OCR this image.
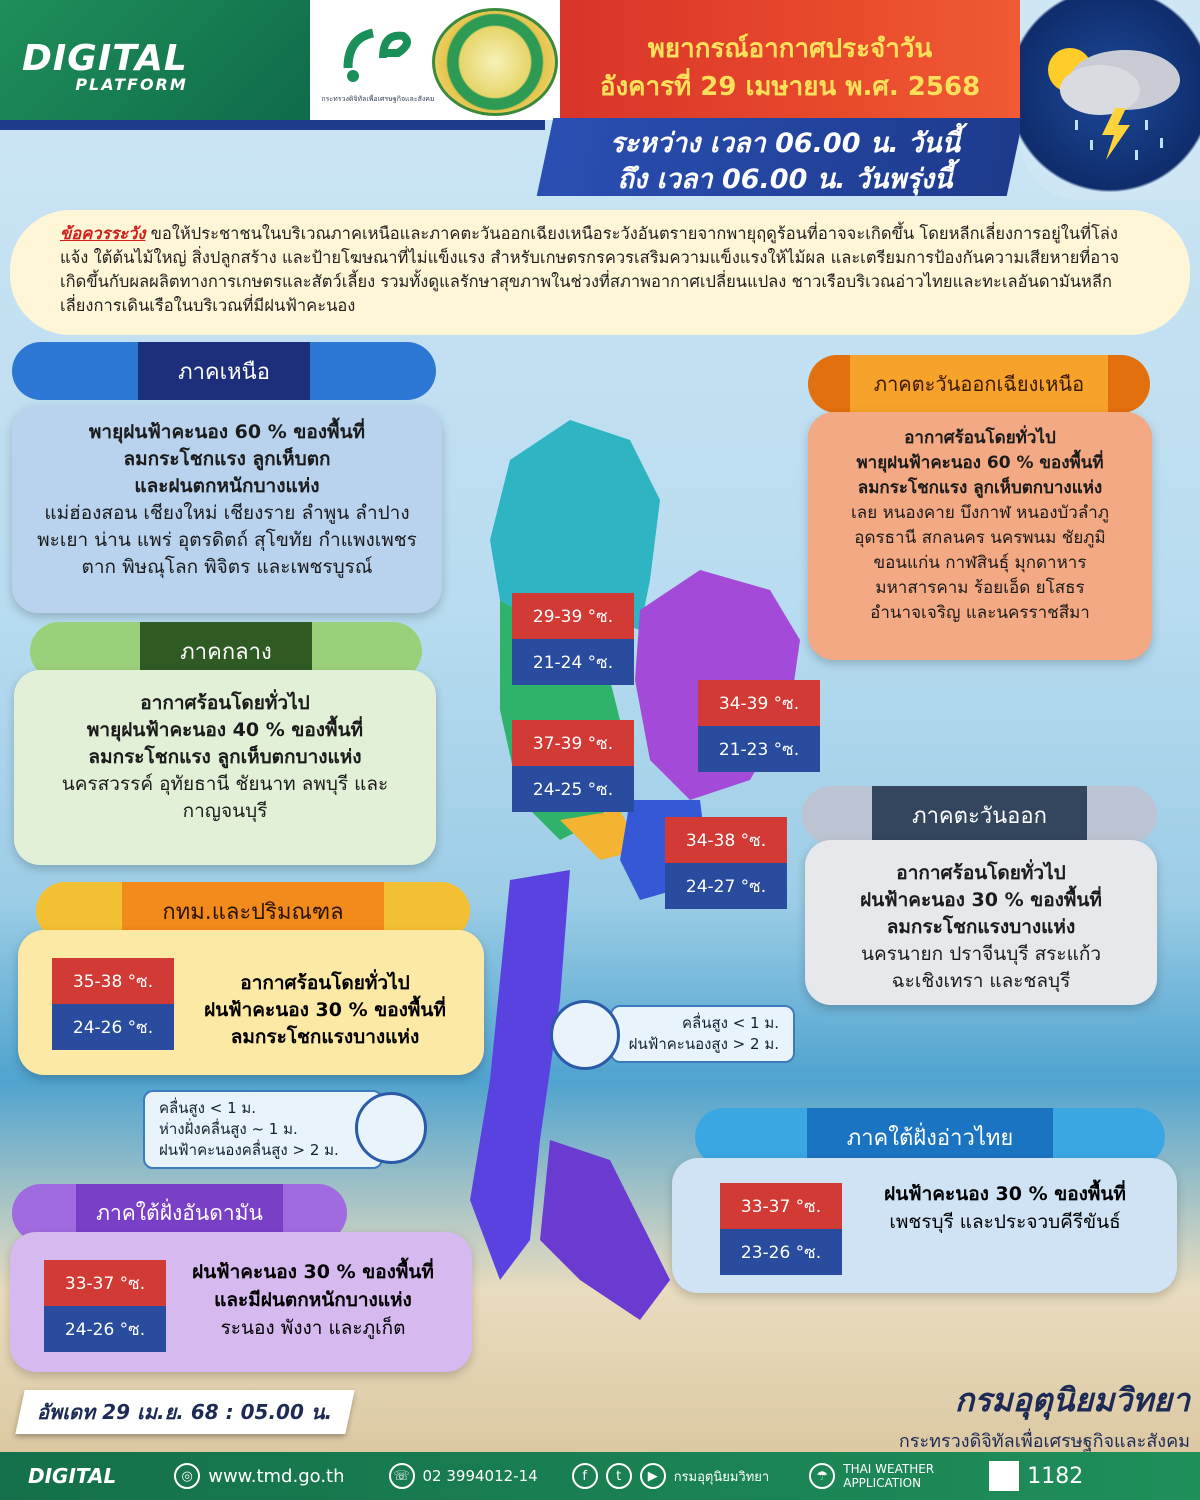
DIGITAL
PLATFORM
กระทรวงดิจิทัลเพื่อเศรษฐกิจและสังคม
พยากรณ์อากาศประจำวัน
อังคารที่ 29 เมษายน พ.ศ. 2568
ระหว่าง เวลา 06.00 น. วันนี้
ถึง เวลา 06.00 น. วันพรุ่งนี้
ข้อควรระวัง ขอให้ประชาชนในบริเวณภาคเหนือและภาคตะวันออกเฉียงเหนือระวังอันตรายจากพายุฤดูร้อนที่อาจจะเกิดขึ้น โดยหลีกเลี่ยงการอยู่ในที่โล่งแจ้ง ใต้ต้นไม้ใหญ่ สิ่งปลูกสร้าง และป้ายโฆษณาที่ไม่แข็งแรง สำหรับเกษตรกรควรเสริมความแข็งแรงให้ไม้ผล และเตรียมการป้องกันความเสียหายที่อาจเกิดขึ้นกับผลผลิตทางการเกษตรและสัตว์เลี้ยง รวมทั้งดูแลรักษาสุขภาพในช่วงที่สภาพอากาศเปลี่ยนแปลง ชาวเรือบริเวณอ่าวไทยและทะเลอันดามันหลีกเลี่ยงการเดินเรือในบริเวณที่มีฝนฟ้าคะนอง
ภาคเหนือ
พายุฝนฟ้าคะนอง 60 % ของพื้นที่
ลมกระโชกแรง ลูกเห็บตก
และฝนตกหนักบางแห่ง
แม่ฮ่องสอน เชียงใหม่ เชียงราย ลำพูน ลำปาง พะเยา น่าน แพร่ อุตรดิตถ์ สุโขทัย กำแพงเพชร ตาก พิษณุโลก พิจิตร และเพชรบูรณ์
29-39 °ซ.
21-24 °ซ.
ภาคตะวันออกเฉียงเหนือ
อากาศร้อนโดยทั่วไป
พายุฝนฟ้าคะนอง 60 % ของพื้นที่
ลมกระโชกแรง ลูกเห็บตกบางแห่ง
เลย หนองคาย บึงกาฬ หนองบัวลำภู อุดรธานี สกลนคร นครพนม ชัยภูมิ ขอนแก่น กาฬสินธุ์ มุกดาหาร มหาสารคาม ร้อยเอ็ด ยโสธร อำนาจเจริญ และนครราชสีมา
34-39 °ซ.
21-23 °ซ.
ภาคกลาง
อากาศร้อนโดยทั่วไป
พายุฝนฟ้าคะนอง 40 % ของพื้นที่
ลมกระโชกแรง ลูกเห็บตกบางแห่ง
นครสวรรค์ อุทัยธานี ชัยนาท ลพบุรี และกาญจนบุรี
37-39 °ซ.
24-25 °ซ.
ภาคตะวันออก
อากาศร้อนโดยทั่วไป
ฝนฟ้าคะนอง 30 % ของพื้นที่
ลมกระโชกแรงบางแห่ง
นครนายก ปราจีนบุรี สระแก้ว ฉะเชิงเทรา และชลบุรี
34-38 °ซ.
24-27 °ซ.
กทม.และปริมณฑล
35-38 °ซ.
24-26 °ซ.
อากาศร้อนโดยทั่วไป
ฝนฟ้าคะนอง 30 % ของพื้นที่
ลมกระโชกแรงบางแห่ง
คลื่นสูง < 1 ม.
ฝนฟ้าคะนองสูง > 2 ม.
คลื่นสูง < 1 ม.
ห่างฝั่งคลื่นสูง ~ 1 ม.
ฝนฟ้าคะนองคลื่นสูง > 2 ม.	ภาคใต้ฝั่งอ่าวไทย
33-37 °ซ.
23-26 °ซ.
ฝนฟ้าคะนอง 30 % ของพื้นที่
เพชรบุรี และประจวบคีรีขันธ์
ภาคใต้ฝั่งอันดามัน
33-37 °ซ.
24-26 °ซ.
ฝนฟ้าคะนอง 30 % ของพื้นที่
และมีฝนตกหนักบางแห่ง
ระนอง พังงา และภูเก็ต
อัพเดท 29 เม.ย. 68 : 05.00 น.	กรมอุตุนิยมวิทยา
กระทรวงดิจิทัลเพื่อเศรษฐกิจและสังคม
DIGITAL	◎ www.tmd.go.th	☏ 02 3994012-14	f	t	▶	กรมอุตุนิยมวิทยา	☂	THAI WEATHER APPLICATION	1182
